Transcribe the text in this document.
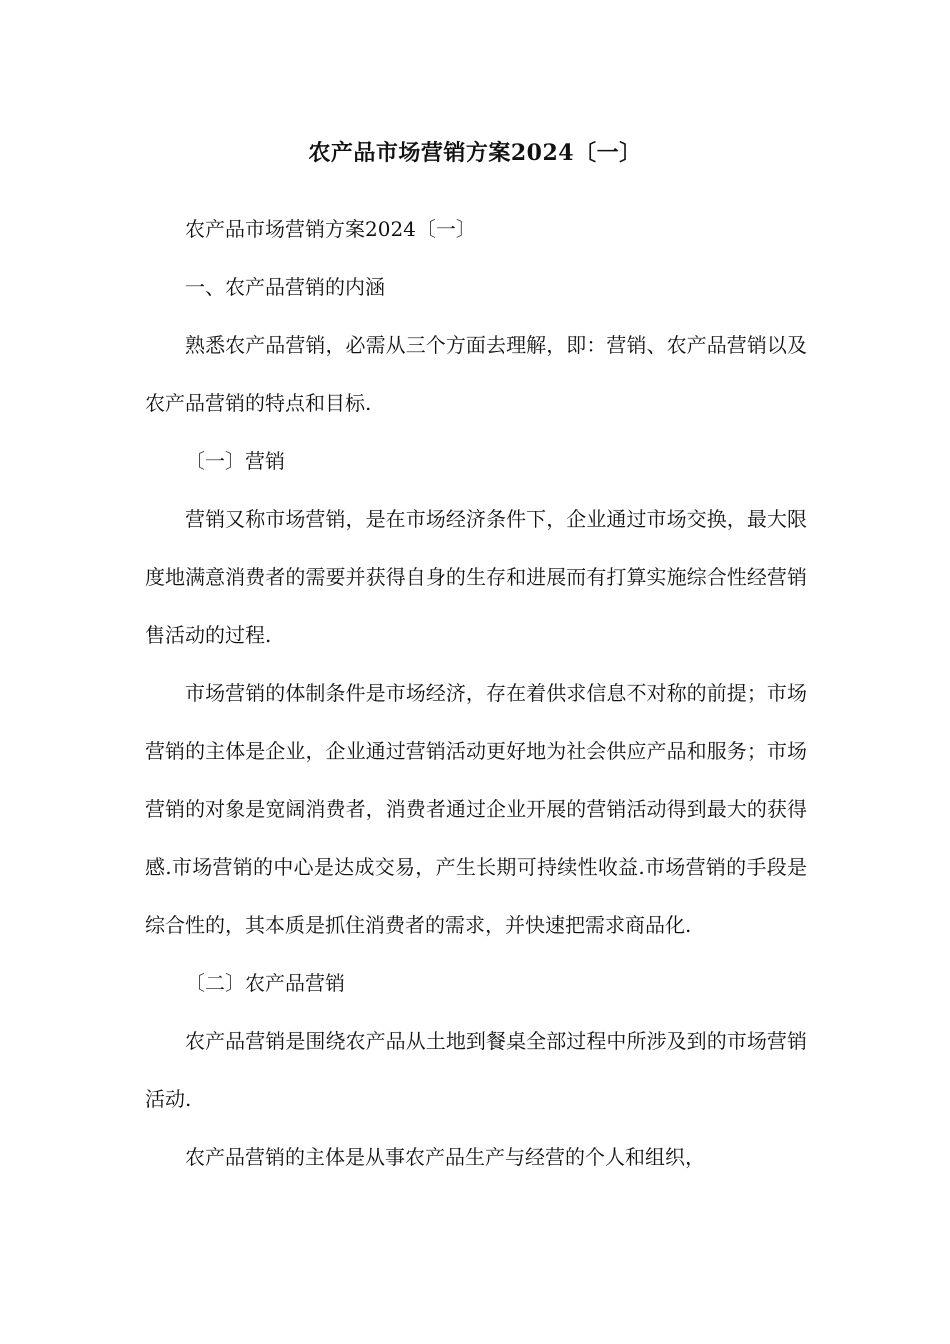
农产品市场营销方案2024〔一〕

农产品市场营销方案2024〔一〕

一、农产品营销的内涵

熟悉农产品营销，必需从三个方面去理解，即：营销、农产品营销以及农产品营销的特点和目标.

〔一〕营销

营销又称市场营销，是在市场经济条件下，企业通过市场交换，最大限度地满意消费者的需要并获得自身的生存和进展而有打算实施综合性经营销售活动的过程.

市场营销的体制条件是市场经济，存在着供求信息不对称的前提；市场营销的主体是企业，企业通过营销活动更好地为社会供应产品和服务；市场营销的对象是宽阔消费者，消费者通过企业开展的营销活动得到最大的获得感.市场营销的中心是达成交易，产生长期可持续性收益.市场营销的手段是综合性的，其本质是抓住消费者的需求，并快速把需求商品化.

〔二〕农产品营销

农产品营销是围绕农产品从土地到餐桌全部过程中所涉及到的市场营销活动.

农产品营销的主体是从事农产品生产与经营的个人和组织，
